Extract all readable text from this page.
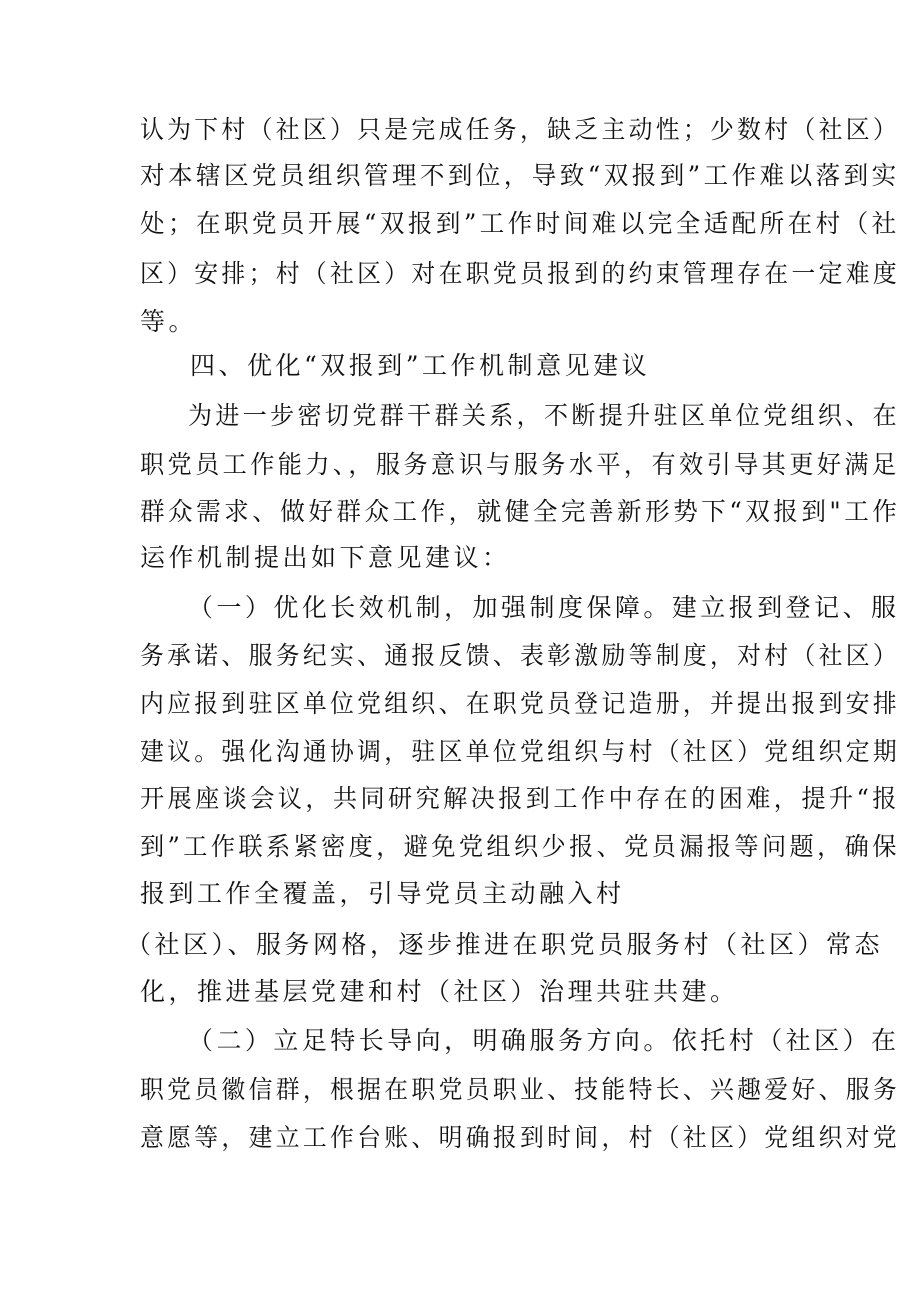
认为下村（社区）只是完成任务，缺乏主动性；少数村（社区）
对本辖区党员组织管理不到位，导致“双报到”工作难以落到实
处；在职党员开展“双报到”工作时间难以完全适配所在村（社
区）安排；村（社区）对在职党员报到的约束管理存在一定难度
等。
四、优化“双报到”工作机制意见建议
为进一步密切党群干群关系，不断提升驻区单位党组织、在
职党员工作能力、，服务意识与服务水平，有效引导其更好满足
群众需求、做好群众工作，就健全完善新形势下“双报到"工作
运作机制提出如下意见建议：
（一）优化长效机制，加强制度保障。建立报到登记、服
务承诺、服务纪实、通报反馈、表彰激励等制度，对村（社区）
内应报到驻区单位党组织、在职党员登记造册，并提出报到安排
建议。强化沟通协调，驻区单位党组织与村（社区）党组织定期
开展座谈会议，共同研究解决报到工作中存在的困难，提升“报
到”工作联系紧密度，避免党组织少报、党员漏报等问题，确保
报到工作全覆盖，引导党员主动融入村
（社区）、服务网格，逐步推进在职党员服务村（社区）常态
化，推进基层党建和村（社区）治理共驻共建。
（二）立足特长导向，明确服务方向。依托村（社区）在
职党员徽信群，根据在职党员职业、技能特长、兴趣爱好、服务
意愿等，建立工作台账、明确报到时间，村（社区）党组织对党
